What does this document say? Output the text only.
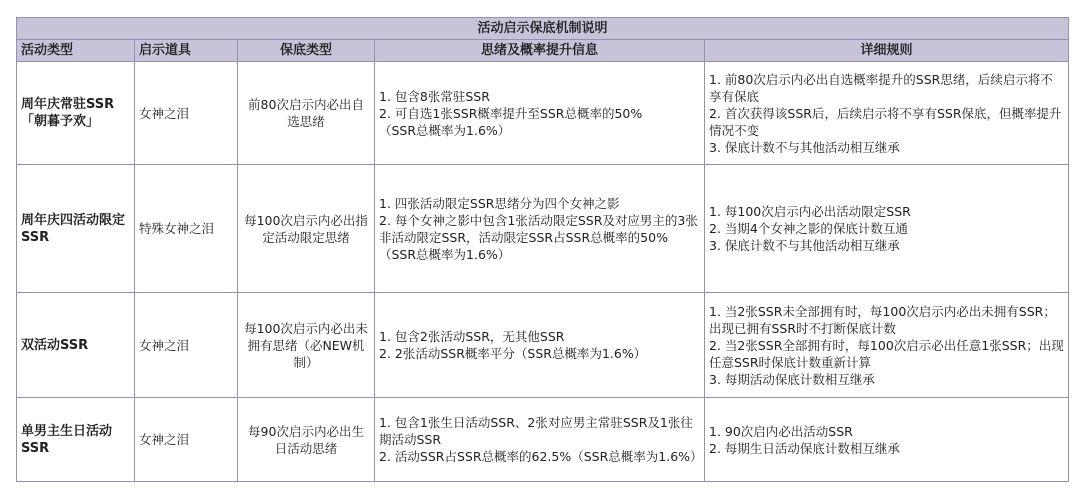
活动启示保底机制说明				
活动类型	启示道具	保底类型	思绪及概率提升信息	详细规则
周年庆常驻SSR「朝暮予欢」	女神之泪	前80次启示内必出自选思绪	1. 包含8张常驻SSR
2. 可自选1张SSR概率提升至SSR总概率的50%
（SSR总概率为1.6%）	1. 前80次启示内必出自选概率提升的SSR思绪，后续启示将不享有保底
2. 首次获得该SSR后，后续启示将不享有SSR保底，但概率提升情况不变
3. 保底计数不与其他活动相互继承

周年庆四活动限定SSR	特殊女神之泪	每100次启示内必出指定活动限定思绪	1. 四张活动限定SSR思绪分为四个女神之影
2. 每个女神之影中包含1张活动限定SSR及对应男主的3张非活动限定SSR，活动限定SSR占SSR总概率的50%（SSR总概率为1.6%）	1. 每100次启示内必出活动限定SSR
2. 当期4个女神之影的保底计数互通
3. 保底计数不与其他活动相互继承

双活动SSR	女神之泪	每100次启示内必出未拥有思绪（必NEW机制）	1. 包含2张活动SSR，无其他SSR
2. 2张活动SSR概率平分（SSR总概率为1.6%）	1. 当2张SSR未全部拥有时，每100次启示内必出未拥有SSR；出现已拥有SSR时不打断保底计数
2. 当2张SSR全部拥有时，每100次启示必出任意1张SSR；出现任意SSR时保底计数重新计算
3. 每期活动保底计数相互继承

单男主生日活动SSR	女神之泪	每90次启示内必出生日活动思绪	1. 包含1张生日活动SSR、2张对应男主常驻SSR及1张往期活动SSR
2. 活动SSR占SSR总概率的62.5%（SSR总概率为1.6%）	1. 90次启内必出活动SSR
2. 每期生日活动保底计数相互继承
